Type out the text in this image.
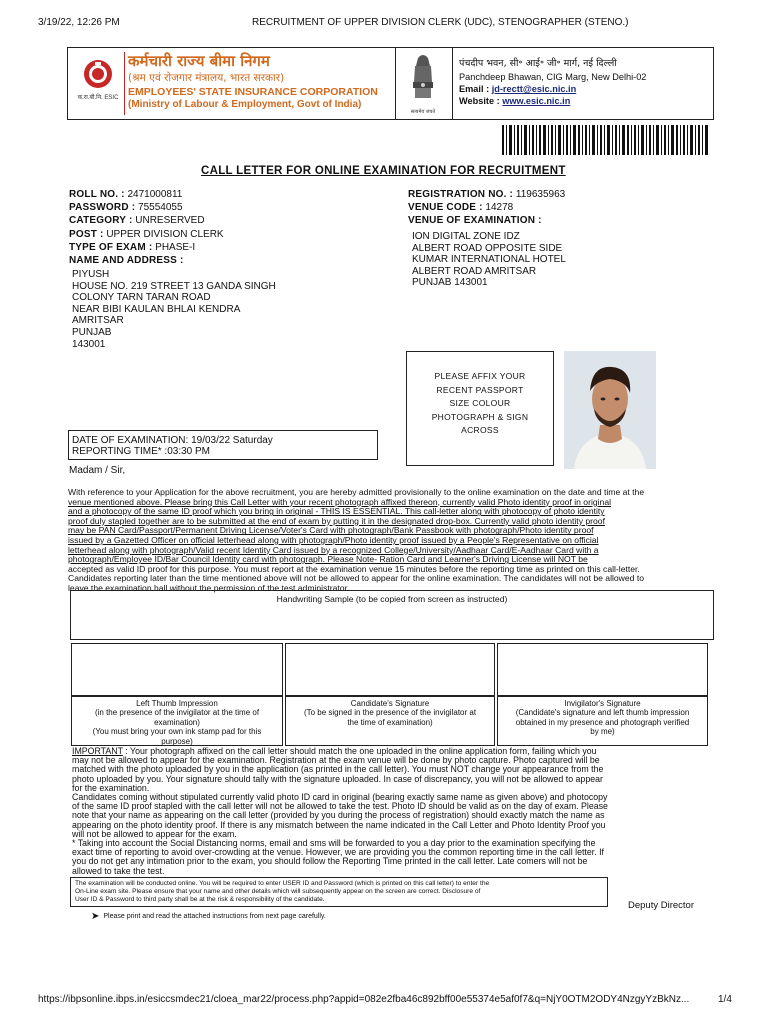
3/19/22, 12:26 PM	RECRUITMENT OF UPPER DIVISION CLERK (UDC), STENOGRAPHER (STENO.)
क.रा.बी.नि. ESIC
कर्मचारी राज्य बीमा निगम
(श्रम एवं रोजगार मंत्रालय, भारत सरकार)
EMPLOYEES' STATE INSURANCE CORPORATION
(Ministry of Labour & Employment, Govt of India)
सत्यमेव जयते
पंचदीप भवन, सी॰ आई॰ जी॰ मार्ग, नई दिल्ली
Panchdeep Bhawan, CIG Marg, New Delhi-02
Email : jd-rectt@esic.nic.in
Website : www.esic.nic.in
CALL LETTER FOR ONLINE EXAMINATION FOR RECRUITMENT
ROLL NO. : 2471000811
PASSWORD : 75554055
CATEGORY : UNRESERVED
POST : UPPER DIVISION CLERK
TYPE OF EXAM : PHASE-I
NAME AND ADDRESS :
PIYUSH
HOUSE NO. 219 STREET 13 GANDA SINGH
COLONY TARN TARAN ROAD
NEAR BIBI KAULAN BHLAI KENDRA
AMRITSAR
PUNJAB
143001
REGISTRATION NO. : 119635963
VENUE CODE : 14278
VENUE OF EXAMINATION :
ION DIGITAL ZONE IDZ
ALBERT ROAD OPPOSITE SIDE
KUMAR INTERNATIONAL HOTEL
ALBERT ROAD AMRITSAR
PUNJAB 143001
PLEASE AFFIX YOUR
RECENT PASSPORT
SIZE COLOUR
PHOTOGRAPH & SIGN
ACROSS
DATE OF EXAMINATION: 19/03/22 Saturday
REPORTING TIME* :03:30 PM
Madam / Sir,
With reference to your Application for the above recruitment, you are hereby admitted provisionally to the online examination on the date and time at the
venue mentioned above. Please bring this Call Letter with your recent photograph affixed thereon, currently valid Photo identity proof in original
and a photocopy of the same ID proof which you bring in original - THIS IS ESSENTIAL. This call-letter along with photocopy of photo identity
proof duly stapled together are to be submitted at the end of exam by putting it in the designated drop-box. Currently valid photo identity proof
may be PAN Card/Passport/Permanent Driving License/Voter's Card with photograph/Bank Passbook with photograph/Photo identity proof
issued by a Gazetted Officer on official letterhead along with photograph/Photo identity proof issued by a People's Representative on official
letterhead along with photograph/Valid recent Identity Card issued by a recognized College/University/Aadhaar Card/E-Aadhaar Card with a
photograph/Employee ID/Bar Council Identity card with photograph. Please Note- Ration Card and Learner's Driving License will NOT be
accepted as valid ID proof for this purpose. You must report at the examination venue 15 minutes before the reporting time as printed on this call-letter.
Candidates reporting later than the time mentioned above will not be allowed to appear for the online examination. The candidates will not be allowed to
leave the examination hall without the permission of the test administrator.
Handwriting Sample (to be copied from screen as instructed)
Left Thumb Impression
(in the presence of the invigilator at the time of
examination)
(You must bring your own ink stamp pad for this
purpose)
Candidate's Signature
(To be signed in the presence of the invigilator at
the time of examination)
Invigilator's Signature
(Candidate's signature and left thumb impression
obtained in my presence and photograph verified
by me)
IMPORTANT : Your photograph affixed on the call letter should match the one uploaded in the online application form, failing which you
may not be allowed to appear for the examination. Registration at the exam venue will be done by photo capture. Photo captured will be
matched with the photo uploaded by you in the application (as printed in the call letter). You must NOT change your appearance from the
photo uploaded by you. Your signature should tally with the signature uploaded. In case of discrepancy, you will not be allowed to appear
for the examination.
Candidates coming without stipulated currently valid photo ID card in original (bearing exactly same name as given above) and photocopy
of the same ID proof stapled with the call letter will not be allowed to take the test. Photo ID should be valid as on the day of exam. Please
note that your name as appearing on the call letter (provided by you during the process of registration) should exactly match the name as
appearing on the photo identity proof. If there is any mismatch between the name indicated in the Call Letter and Photo Identity Proof you
will not be allowed to appear for the exam.
* Taking into account the Social Distancing norms, email and sms will be forwarded to you a day prior to the examination specifying the
exact time of reporting to avoid over-crowding at the venue. However, we are providing you the common reporting time in the call letter. If
you do not get any intimation prior to the exam, you should follow the Reporting Time printed in the call letter. Late comers will not be
allowed to take the test.
The examination will be conducted online. You will be required to enter USER ID and Password (which is printed on this call letter) to enter the
On-Line exam site. Please ensure that your name and other details which will subsequently appear on the screen are correct. Disclosure of
User ID & Password to third party shall be at the risk & responsibility of the candidate.
Deputy Director
➤ Please print and read the attached instructions from next page carefully.
https://ibpsonline.ibps.in/esiccsmdec21/cloea_mar22/process.php?appid=082e2fba46c892bff00e55374e5af0f7&q=NjY0OTM2ODY4NzgyYzBkNz...	1/4
